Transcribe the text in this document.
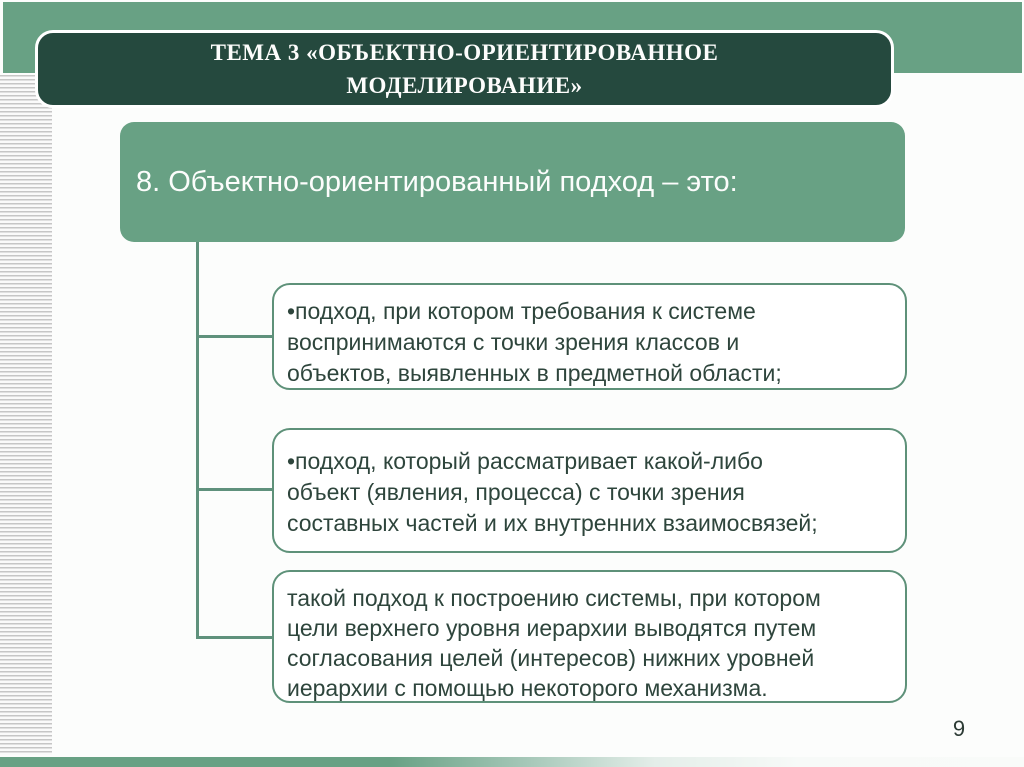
ТЕМА 3 «ОБЪЕКТНО-ОРИЕНТИРОВАННОЕ
МОДЕЛИРОВАНИЕ»
8. Объектно-ориентированный подход – это:
•подход, при котором требования к системе
воспринимаются с точки зрения классов и
объектов, выявленных в предметной области;
•подход, который рассматривает какой-либо
объект (явления, процесса) с точки зрения
составных частей и их внутренних взаимосвязей;
такой подход к построению системы, при котором
цели верхнего уровня иерархии выводятся путем
согласования целей (интересов) нижних уровней
иерархии с помощью некоторого механизма.
9
